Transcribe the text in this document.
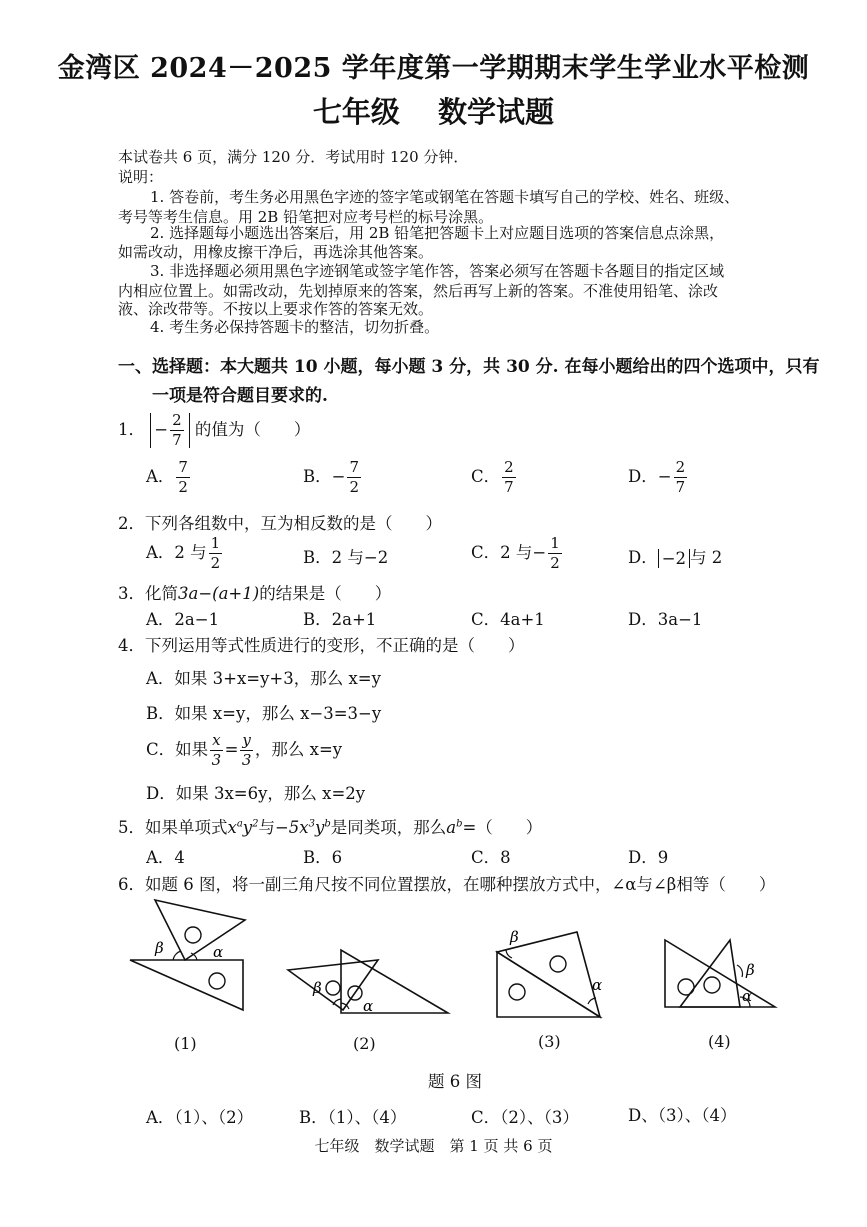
金湾区 2024－2025 学年度第一学期期末学生学业水平检测
七年级 数学试题
本试卷共 6 页，满分 120 分．考试用时 120 分钟．
说明：
1. 答卷前，考生务必用黑色字迹的签字笔或钢笔在答题卡填写自己的学校、姓名、班级、
考号等考生信息。用 2B 铅笔把对应考号栏的标号涂黑。
2. 选择题每小题选出答案后，用 2B 铅笔把答题卡上对应题目选项的答案信息点涂黑，
如需改动，用橡皮擦干净后，再选涂其他答案。
3. 非选择题必须用黑色字迹钢笔或签字笔作答，答案必须写在答题卡各题目的指定区域
内相应位置上。如需改动，先划掉原来的答案，然后再写上新的答案。不准使用铅笔、涂改
液、涂改带等。不按以上要求作答的答案无效。
4. 考生务必保持答题卡的整洁，切勿折叠。
一、选择题：本大题共 10 小题，每小题 3 分，共 30 分. 在每小题给出的四个选项中，只有
一项是符合题目要求的.
1． − $\frac{2}{7}$ 的值为（　　）
A． $\frac{7}{2}$	B．− $\frac{7}{2}$	C． $\frac{2}{7}$	D．− $\frac{2}{7}$
2．下列各组数中，互为相反数的是（　　）
A．2 与 $\frac{1}{2}$	B．2 与−2	C．2 与− $\frac{1}{2}$	D． −2 与 2
3．化简3a−(a+1)的结果是（　　）
A．2a−1	B．2a+1	C．4a+1	D．3a−1
4．下列运用等式性质进行的变形，不正确的是（　　）
A．如果 3+x=y+3，那么 x=y
B．如果 x=y，那么 x−3=3−y
C．如果 $\frac{x}{3} = \frac{y}{3}$ ，那么 x=y
D．如果 3x=6y，那么 x=2y
5．如果单项式$x^ay^2$与$-5x^3y^b$是同类项，那么$a^b=$（　　）
A．4	B．6	C．8	D．9
6．如题 6 图，将一副三角尺按不同位置摆放，在哪种摆放方式中，∠α与∠β相等（　　）
β	α
β
α
β
α
β
α
(1)	(2)	(3)	(4)
题 6 图
A．（1）、（2）	B．（1）、（4）	C．（2）、（3）	D、（3）、（4）
七年级　数学试题　第 1 页 共 6 页
